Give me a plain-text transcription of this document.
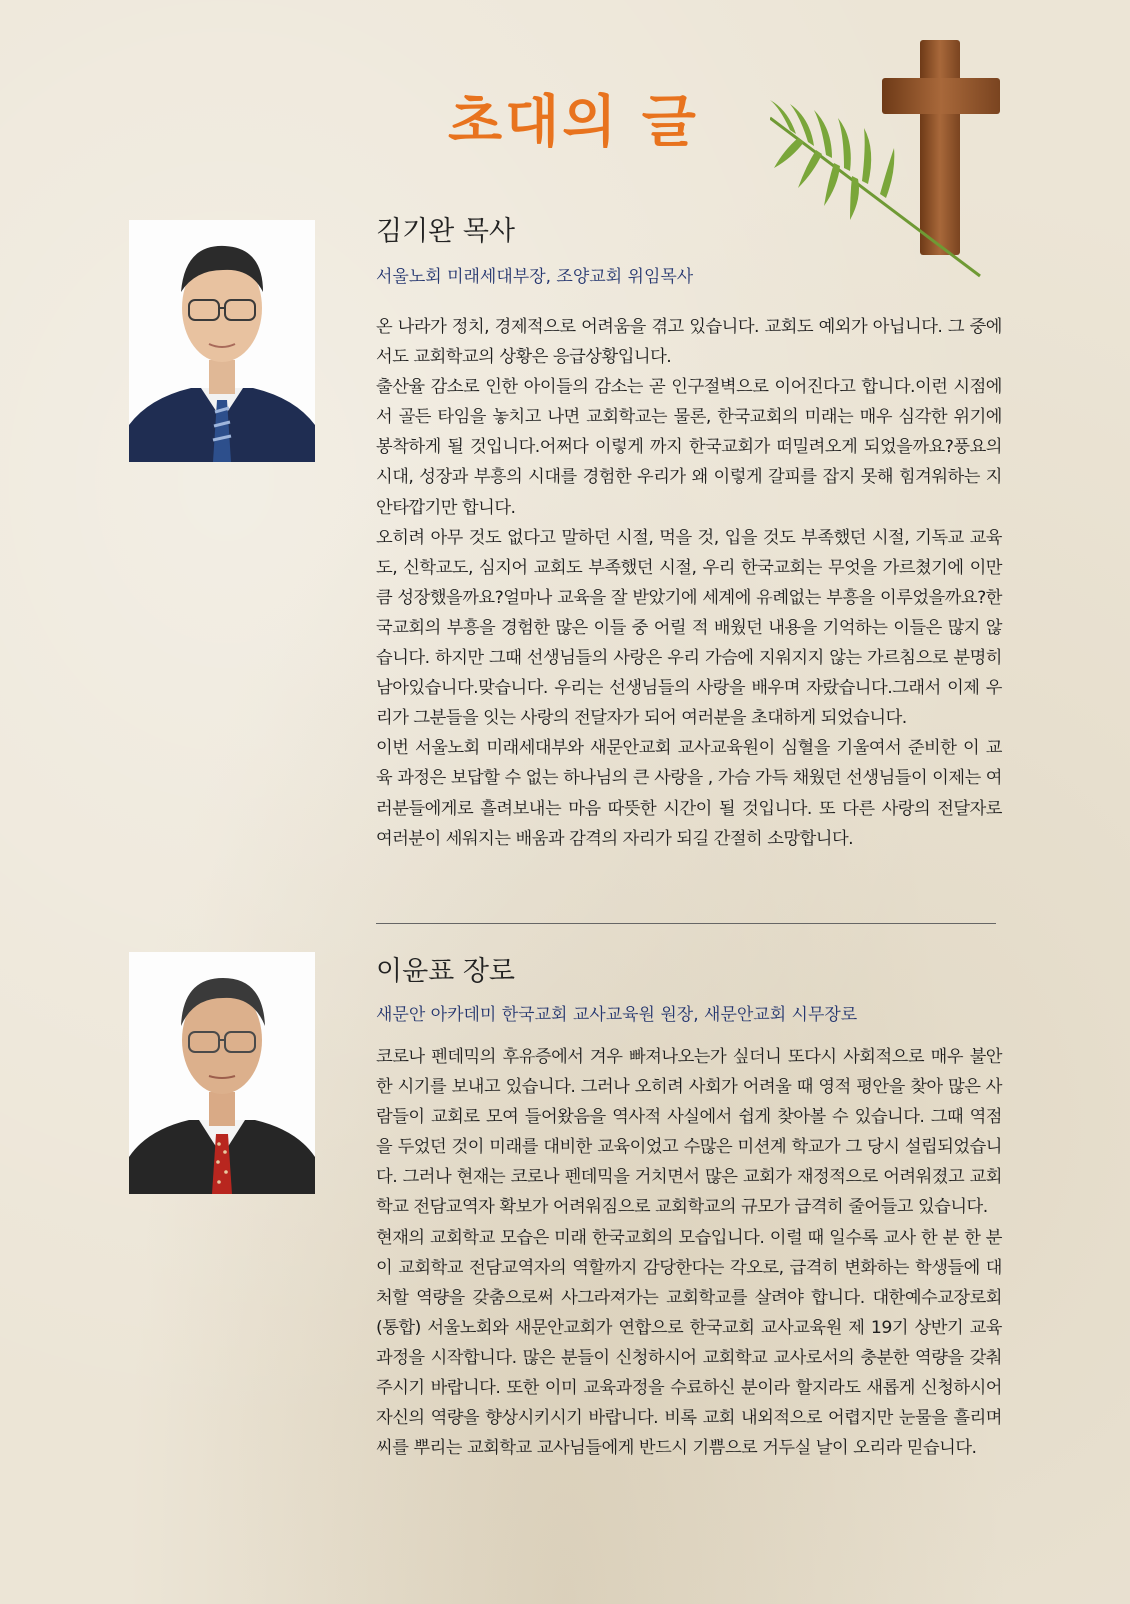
초대의 글
김기완 목사
서울노회 미래세대부장, 조양교회 위임목사

온 나라가 정치, 경제적으로 어려움을 겪고 있습니다. 교회도 예외가 아닙니다. 그 중에서도 교회학교의 상황은 응급상황입니다.

출산율 감소로 인한 아이들의 감소는 곧 인구절벽으로 이어진다고 합니다.이런 시점에서 골든 타임을 놓치고 나면 교회학교는 물론, 한국교회의 미래는 매우 심각한 위기에 봉착하게 될 것입니다.어쩌다 이렇게 까지 한국교회가 떠밀려오게 되었을까요?풍요의 시대, 성장과 부흥의 시대를 경험한 우리가 왜 이렇게 갈피를 잡지 못해 힘겨워하는 지 안타깝기만 합니다.

오히려 아무 것도 없다고 말하던 시절, 먹을 것, 입을 것도 부족했던 시절, 기독교 교육도, 신학교도, 심지어 교회도 부족했던 시절, 우리 한국교회는 무엇을 가르쳤기에 이만큼 성장했을까요?얼마나 교육을 잘 받았기에 세계에 유례없는 부흥을 이루었을까요?한국교회의 부흥을 경험한 많은 이들 중 어릴 적 배웠던 내용을 기억하는 이들은 많지 않습니다. 하지만 그때 선생님들의 사랑은 우리 가슴에 지워지지 않는 가르침으로 분명히 남아있습니다.맞습니다. 우리는 선생님들의 사랑을 배우며 자랐습니다.그래서 이제 우리가 그분들을 잇는 사랑의 전달자가 되어 여러분을 초대하게 되었습니다.

이번 서울노회 미래세대부와 새문안교회 교사교육원이 심혈을 기울여서 준비한 이 교육 과정은 보답할 수 없는 하나님의 큰 사랑을 , 가슴 가득 채웠던 선생님들이 이제는 여러분들에게로 흘려보내는 마음 따뜻한 시간이 될 것입니다. 또 다른 사랑의 전달자로 여러분이 세워지는 배움과 감격의 자리가 되길 간절히 소망합니다.

이윤표 장로
새문안 아카데미 한국교회 교사교육원 원장, 새문안교회 시무장로

코로나 펜데믹의 후유증에서 겨우 빠져나오는가 싶더니 또다시 사회적으로 매우 불안한 시기를 보내고 있습니다. 그러나 오히려 사회가 어려울 때 영적 평안을 찾아 많은 사람들이 교회로 모여 들어왔음을 역사적 사실에서 쉽게 찾아볼 수 있습니다. 그때 역점을 두었던 것이 미래를 대비한 교육이었고 수많은 미션계 학교가 그 당시 설립되었습니다. 그러나 현재는 코로나 펜데믹을 거치면서 많은 교회가 재정적으로 어려워졌고 교회학교 전담교역자 확보가 어려워짐으로 교회학교의 규모가 급격히 줄어들고 있습니다.

현재의 교회학교 모습은 미래 한국교회의 모습입니다. 이럴 때 일수록 교사 한 분 한 분이 교회학교 전담교역자의 역할까지 감당한다는 각오로, 급격히 변화하는 학생들에 대처할 역량을 갖춤으로써 사그라져가는 교회학교를 살려야 합니다. 대한예수교장로회(통합) 서울노회와 새문안교회가 연합으로 한국교회 교사교육원 제 19기 상반기 교육과정을 시작합니다. 많은 분들이 신청하시어 교회학교 교사로서의 충분한 역량을 갖춰주시기 바랍니다. 또한 이미 교육과정을 수료하신 분이라 할지라도 새롭게 신청하시어 자신의 역량을 향상시키시기 바랍니다. 비록 교회 내외적으로 어렵지만 눈물을 흘리며 씨를 뿌리는 교회학교 교사님들에게 반드시 기쁨으로 거두실 날이 오리라 믿습니다.
